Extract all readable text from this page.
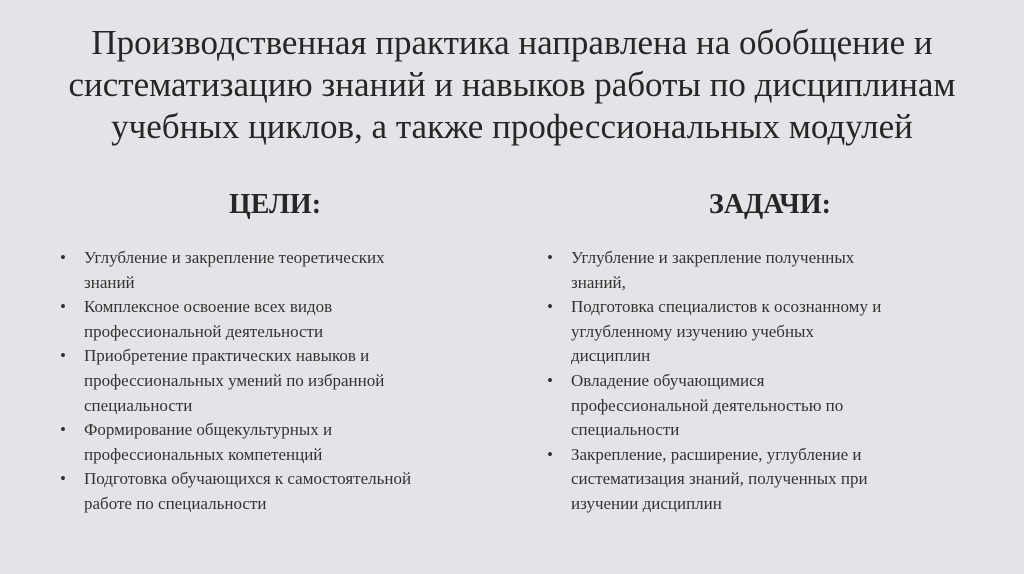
Производственная практика направлена на обобщение и
систематизацию знаний и навыков работы по дисциплинам
учебных циклов, а также профессиональных модулей
ЦЕЛИ:	ЗАДАЧИ:
• Углубление и закрепление теоретических
знаний
• Комплексное освоение всех видов
профессиональной деятельности
• Приобретение практических навыков и
профессиональных умений по избранной
специальности
• Формирование общекультурных и
профессиональных компетенций
• Подготовка обучающихся к самостоятельной
работе по специальности
• Углубление и закрепление полученных
знаний,
• Подготовка специалистов к осознанному и
углубленному изучению учебных
дисциплин
• Овладение обучающимися
профессиональной деятельностью по
специальности
• Закрепление, расширение, углубление и
систематизация знаний, полученных при
изучении дисциплин
